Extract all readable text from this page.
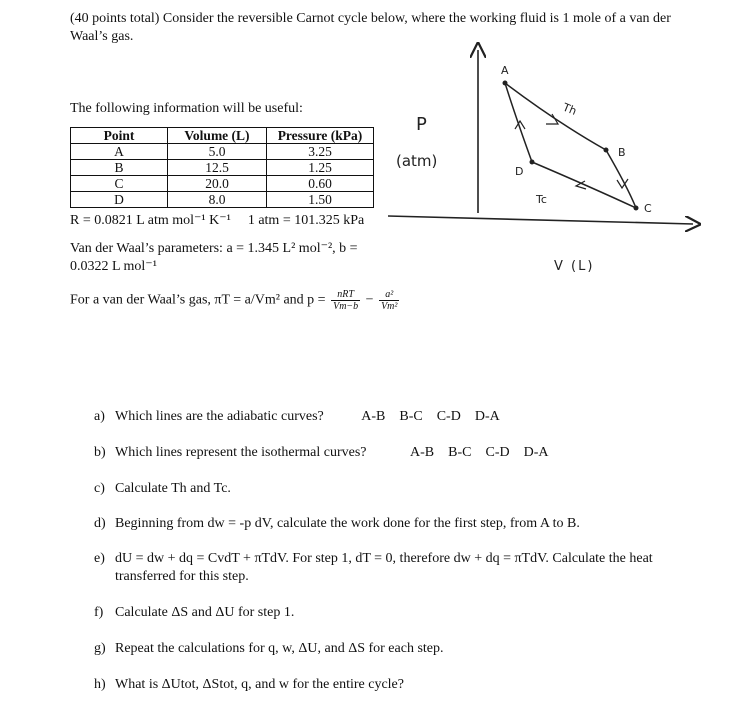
(40 points total) Consider the reversible Carnot cycle below, where the working fluid is 1 mole of a van der Waal’s gas.
The following information will be useful:
Point	Volume (L)	Pressure (kPa)
A	5.0	3.25
B	12.5	1.25
C	20.0	0.60
D	8.0	1.50
R = 0.0821 L atm mol⁻¹ K⁻¹ 1 atm = 101.325 kPa
Van der Waal’s parameters: a = 1.345 L² mol⁻², b = 0.0322 L mol⁻¹
For a van der Waal’s gas, πT = a/Vm² and $p = \frac{\text{nRT}}{Vm-b} - \frac{\text{a²}}{\text{Vm²}}$
A
B
C
D
Th
Tc
P
(atm)
V (L)
a) Which lines are the adiabatic curves?	A-B B-C C-D D-A
b) Which lines represent the isothermal curves?	A-B B-C C-D D-A
c) Calculate Th and Tc.
d) Beginning from dw = -p dV, calculate the work done for the first step, from A to B.
e) dU = dw + dq = CvdT + πTdV. For step 1, dT = 0, therefore dw + dq = πTdV. Calculate the heat
transferred for this step.
f) Calculate ΔS and ΔU for step 1.
g) Repeat the calculations for q, w, ΔU, and ΔS for each step.
h) What is ΔUtot, ΔStot, q, and w for the entire cycle?
